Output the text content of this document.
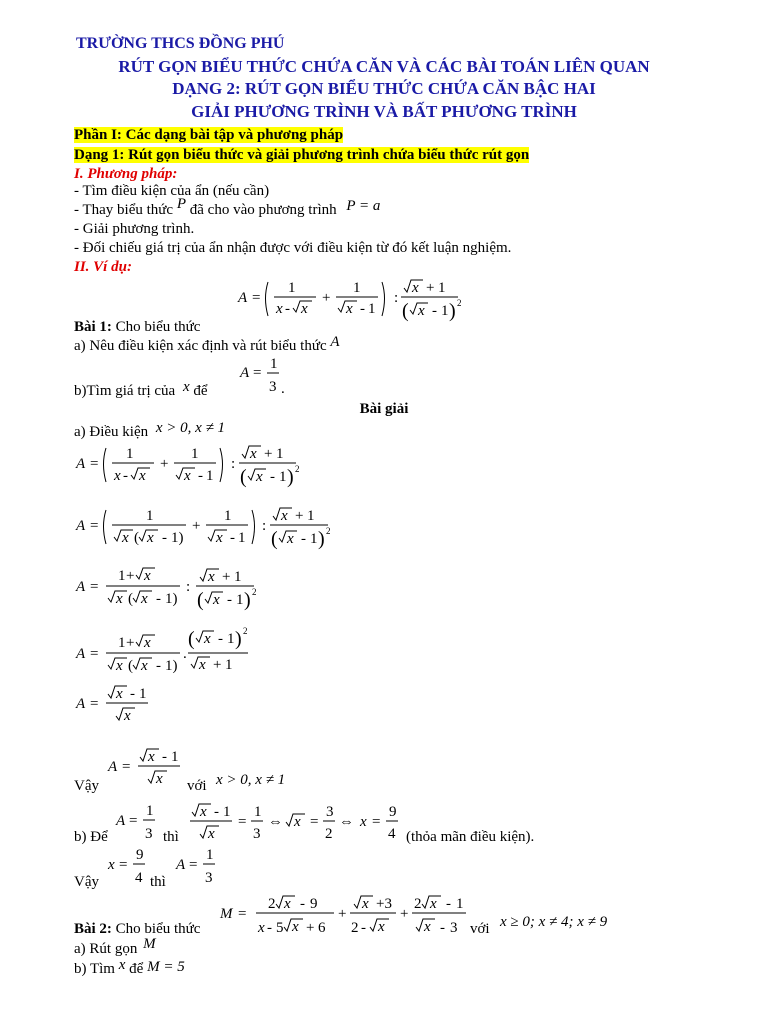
TRƯỜNG THCS ĐỒNG PHÚ
RÚT GỌN BIỂU THỨC CHỨA CĂN VÀ CÁC BÀI TOÁN LIÊN QUAN
DẠNG 2: RÚT GỌN BIỂU THỨC CHỨA CĂN BẬC HAI
GIẢI PHƯƠNG TRÌNH VÀ BẤT PHƯƠNG TRÌNH
Phần I: Các dạng bài tập và phương pháp
Dạng 1: Rút gọn biểu thức và giải phương trình chứa biểu thức rút gọn
I. Phương pháp:
- Tìm điều kiện của ẩn (nếu cần)
- Thay biểu thức P đã cho vào phương trình P = a
- Giải phương trình.
- Đối chiếu giá trị của ẩn nhận được với điều kiện từ đó kết luận nghiệm.
II. Ví dụ:
A =
1
x - x
+
1
x - 1
:
x + 1
( x - 1 ) 2
Bài 1: Cho biểu thức
a) Nêu điều kiện xác định và rút biểu thức A
b)Tìm giá trị của x để
A =
1
3 .
Bài giải
a) Điều kiện x > 0, x ≠ 1
A =
1
x - x
+
1
x - 1
:
x + 1
( x - 1 ) 2
A =
1
x ( x - 1)
+
1
x - 1
:
x + 1
( x - 1 ) 2
A =
1 + x
x ( x - 1)
:
x + 1
( x - 1 ) 2
A =
1 + x
x ( x - 1)
.
( x - 1 ) 2
x + 1
A =
x - 1
x
Vậy
A =
x - 1
x với x > 0, x ≠ 1
b) Để
A =
1
3 thì
x - 1
x
=
1
3
⇔ x =
3
2
⇔ x =
9
4 (thỏa mãn điều kiện).
Vậy
x =
9
4 thì
A =
1
3
Bài 2: Cho biểu thức
M =
2 x - 9
x - 5 x + 6
+
x +3
2 - x
+
2 x - 1
x - 3 với x ≥ 0; x ≠ 4; x ≠ 9
a) Rút gọn M
b) Tìm x để M = 5
